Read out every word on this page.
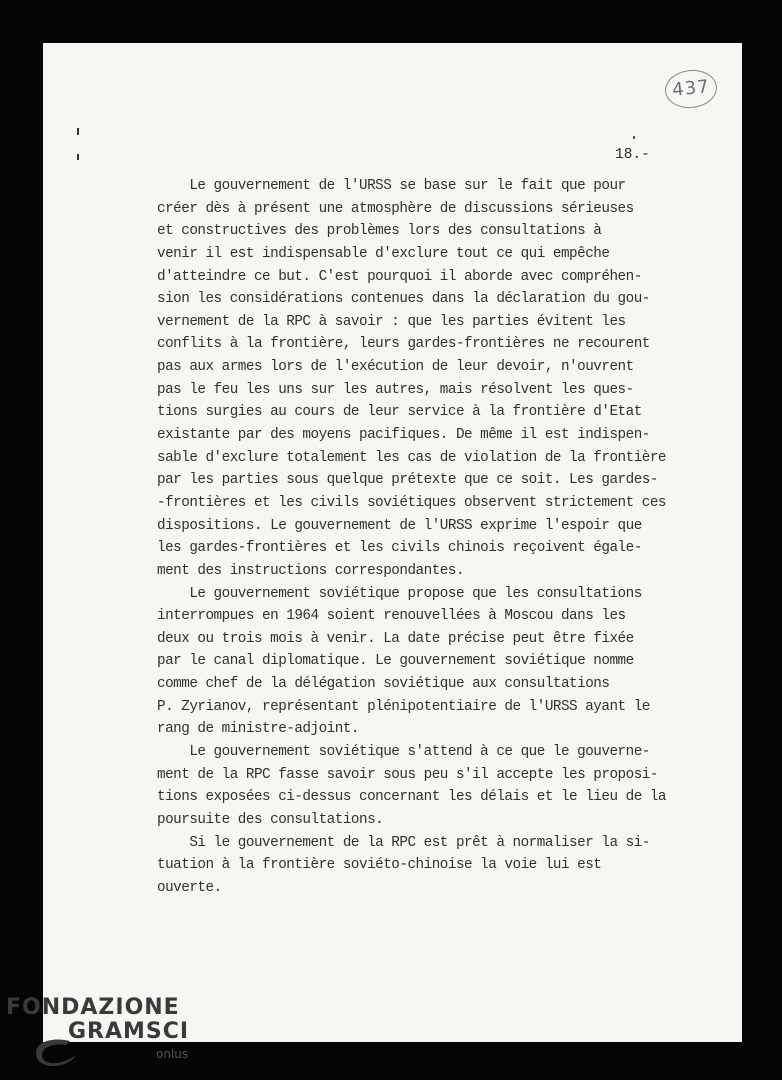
437
18.-
Le gouvernement de l'URSS se base sur le fait que pour
créer dès à présent une atmosphère de discussions sérieuses
et constructives des problèmes lors des consultations à
venir il est indispensable d'exclure tout ce qui empêche
d'atteindre ce but. C'est pourquoi il aborde avec compréhen-
sion les considérations contenues dans la déclaration du gou-
vernement de la RPC à savoir : que les parties évitent les
conflits à la frontière, leurs gardes-frontières ne recourent
pas aux armes lors de l'exécution de leur devoir, n'ouvrent
pas le feu les uns sur les autres, mais résolvent les ques-
tions surgies au cours de leur service à la frontière d'Etat
existante par des moyens pacifiques. De même il est indispen-
sable d'exclure totalement les cas de violation de la frontière
par les parties sous quelque prétexte que ce soit. Les gardes-
-frontières et les civils soviétiques observent strictement ces
dispositions. Le gouvernement de l'URSS exprime l'espoir que
les gardes-frontières et les civils chinois reçoivent égale-
ment des instructions correspondantes.
Le gouvernement soviétique propose que les consultations
interrompues en 1964 soient renouvellées à Moscou dans les
deux ou trois mois à venir. La date précise peut être fixée
par le canal diplomatique. Le gouvernement soviétique nomme
comme chef de la délégation soviétique aux consultations
P. Zyrianov, représentant plénipotentiaire de l'URSS ayant le
rang de ministre-adjoint.
Le gouvernement soviétique s'attend à ce que le gouverne-
ment de la RPC fasse savoir sous peu s'il accepte les proposi-
tions exposées ci-dessus concernant les délais et le lieu de la
poursuite des consultations.
Si le gouvernement de la RPC est prêt à normaliser la si-
tuation à la frontière soviéto-chinoise la voie lui est
ouverte.
FONDAZIONE
GRAMSCI
onlus
